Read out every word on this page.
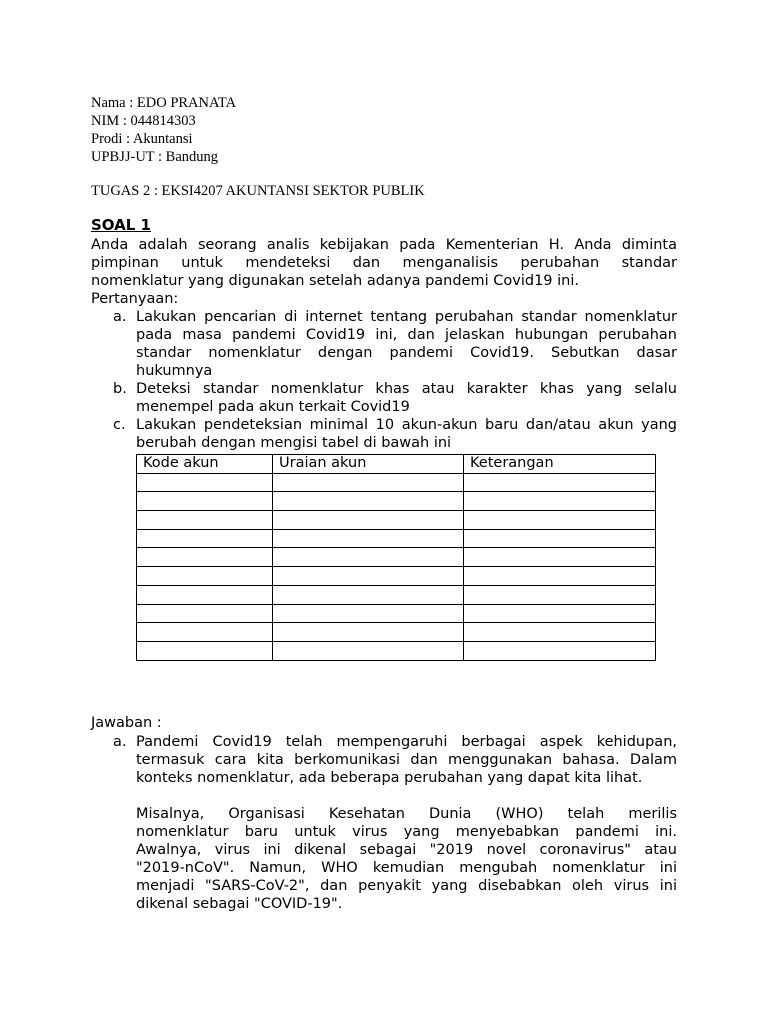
Nama : EDO PRANATA
NIM : 044814303
Prodi : Akuntansi
UPBJJ-UT : Bandung
TUGAS 2 : EKSI4207 AKUNTANSI SEKTOR PUBLIK
SOAL 1
Anda adalah seorang analis kebijakan pada Kementerian H. Anda diminta
pimpinan untuk mendeteksi dan menganalisis perubahan standar
nomenklatur yang digunakan setelah adanya pandemi Covid19 ini.
Pertanyaan:
a. Lakukan pencarian di internet tentang perubahan standar nomenklatur
pada masa pandemi Covid19 ini, dan jelaskan hubungan perubahan
standar nomenklatur dengan pandemi Covid19. Sebutkan dasar
hukumnya
b. Deteksi standar nomenklatur khas atau karakter khas yang selalu
menempel pada akun terkait Covid19
c. Lakukan pendeteksian minimal 10 akun-akun baru dan/atau akun yang
berubah dengan mengisi tabel di bawah ini
Kode akun	Uraian akun	Keterangan

Jawaban :
a. Pandemi Covid19 telah mempengaruhi berbagai aspek kehidupan,
termasuk cara kita berkomunikasi dan menggunakan bahasa. Dalam
konteks nomenklatur, ada beberapa perubahan yang dapat kita lihat.
Misalnya, Organisasi Kesehatan Dunia (WHO) telah merilis
nomenklatur baru untuk virus yang menyebabkan pandemi ini.
Awalnya, virus ini dikenal sebagai "2019 novel coronavirus" atau
"2019-nCoV". Namun, WHO kemudian mengubah nomenklatur ini
menjadi "SARS-CoV-2", dan penyakit yang disebabkan oleh virus ini
dikenal sebagai "COVID-19".
